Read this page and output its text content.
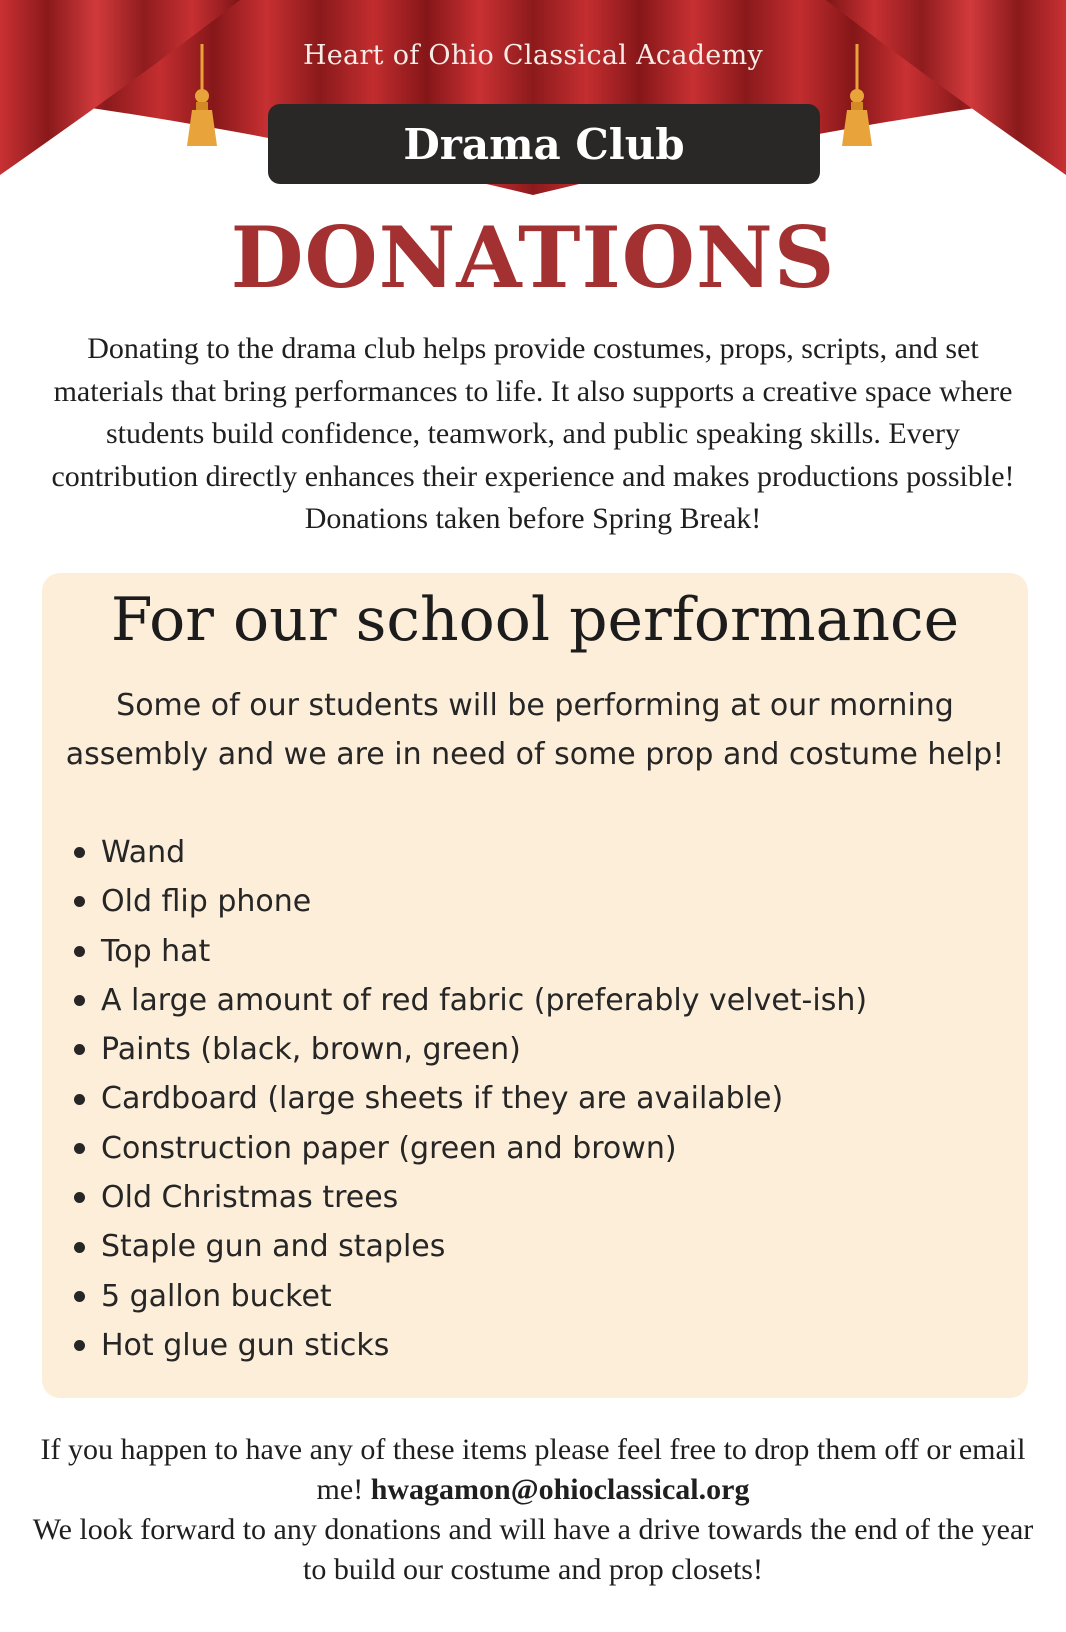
Heart of Ohio Classical Academy
Drama Club
DONATIONS
Donating to the drama club helps provide costumes, props, scripts, and set materials that bring performances to life. It also supports a creative space where students build confidence, teamwork, and public speaking skills. Every contribution directly enhances their experience and makes productions possible! Donations taken before Spring Break!
For our school performance
Some of our students will be performing at our morning assembly and we are in need of some prop and costume help!
Wand
Old flip phone
Top hat
A large amount of red fabric (preferably velvet-ish)
Paints (black, brown, green)
Cardboard (large sheets if they are available)
Construction paper (green and brown)
Old Christmas trees
Staple gun and staples
5 gallon bucket
Hot glue gun sticks
If you happen to have any of these items please feel free to drop them off or email me! hwagamon@ohioclassical.org
We look forward to any donations and will have a drive towards the end of the year to build our costume and prop closets!
